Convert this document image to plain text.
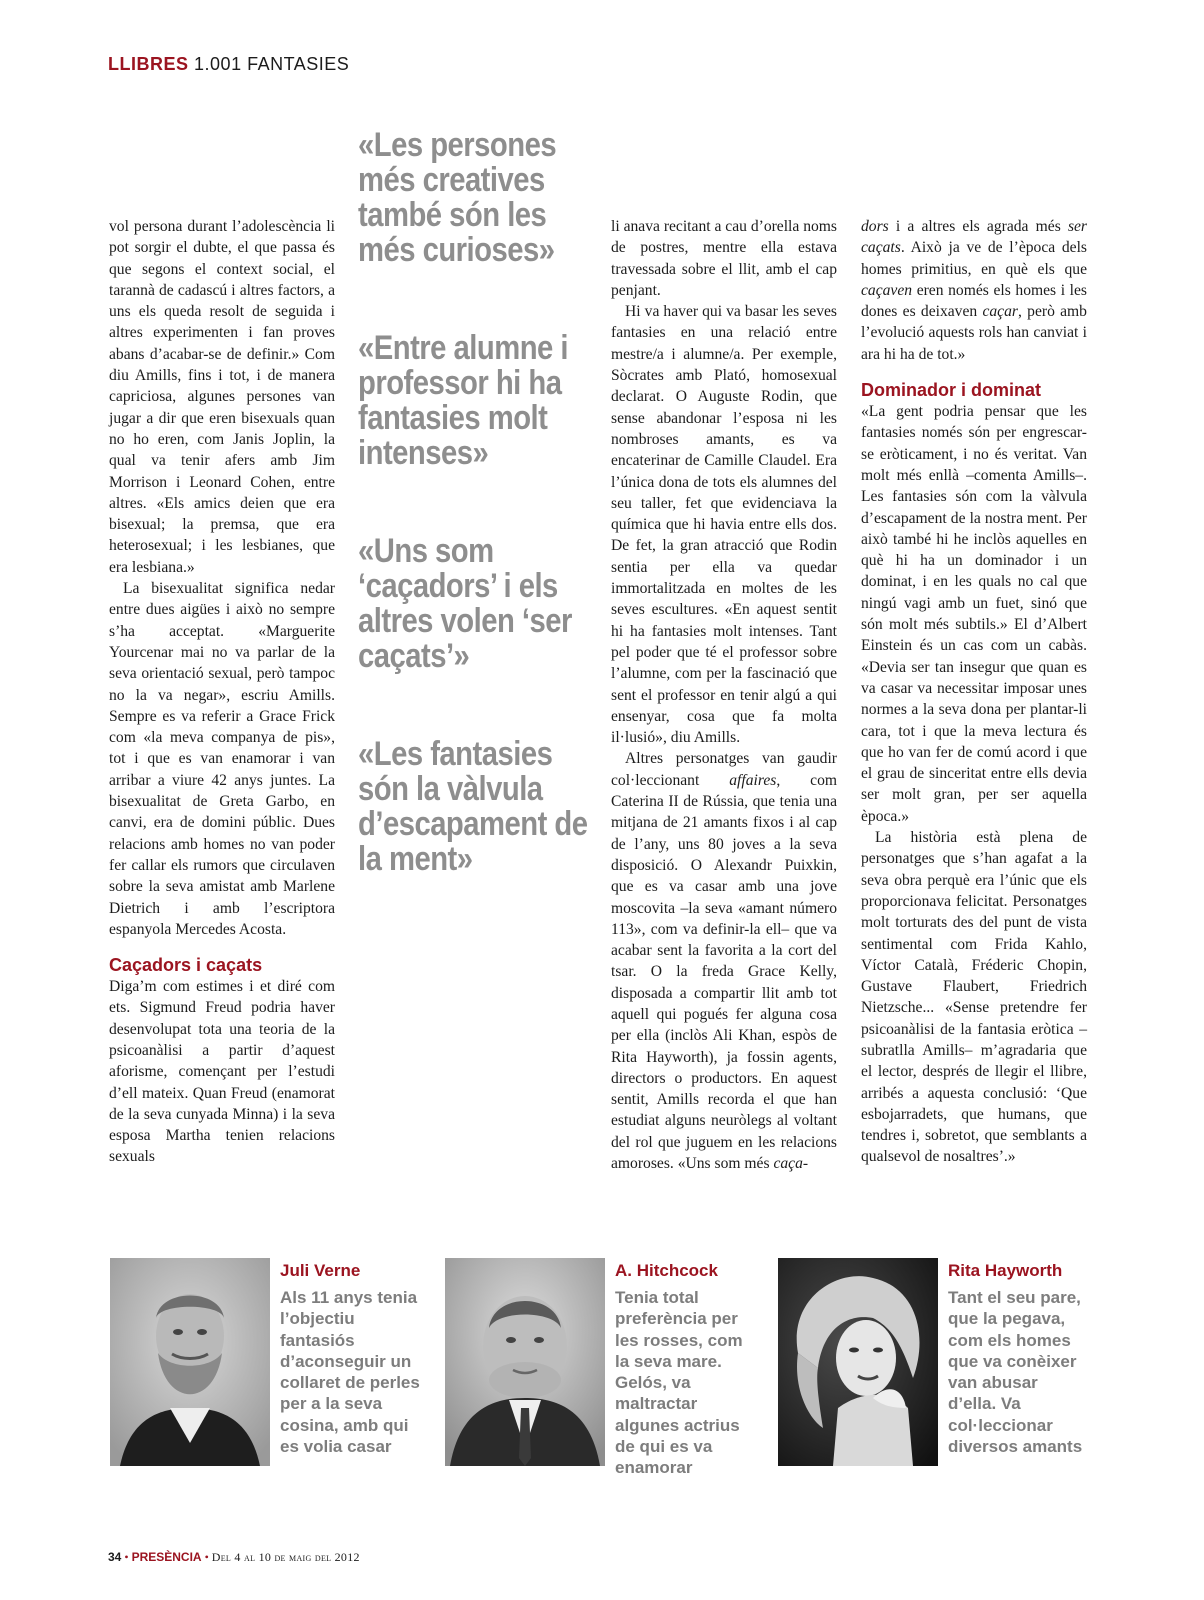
LLIBRES 1.001 FANTASIES

vol persona durant l’adolescència li pot sorgir el dubte, el que passa és que segons el context social, el tarannà de cadascú i altres factors, a uns els queda resolt de seguida i altres experimenten i fan proves abans d’acabar-se de definir.» Com diu Amills, fins i tot, i de manera capriciosa, algunes persones van jugar a dir que eren bisexuals quan no ho eren, com Janis Joplin, la qual va tenir afers amb Jim Morrison i Leonard Cohen, entre altres. «Els amics deien que era bisexual; la premsa, que era heterosexual; i les lesbianes, que era lesbiana.»

La bisexualitat significa nedar entre dues aigües i això no sempre s’ha acceptat. «Marguerite Yourcenar mai no va parlar de la seva orientació sexual, però tampoc no la va negar», escriu Amills. Sempre es va referir a Grace Frick com «la meva companya de pis», tot i que es van enamorar i van arribar a viure 42 anys juntes. La bisexualitat de Greta Garbo, en canvi, era de domini públic. Dues relacions amb homes no van poder fer callar els rumors que circulaven sobre la seva amistat amb Marlene Dietrich i amb l’escriptora espanyola Mercedes Acosta.

Caçadors i caçats

Diga’m com estimes i et diré com ets. Sigmund Freud podria haver desenvolupat tota una teoria de la psicoanàlisi a partir d’aquest aforisme, començant per l’estudi d’ell mateix. Quan Freud (enamorat de la seva cunyada Minna) i la seva esposa Martha tenien relacions sexuals

«Les persones més creatives també són les més curioses»

«Entre alumne i professor hi ha fantasies molt intenses»

«Uns som ‘caçadors’ i els altres volen ‘ser caçats’»

«Les fantasies són la vàlvula d’escapament de la ment»

li anava recitant a cau d’orella noms de postres, mentre ella estava travessada sobre el llit, amb el cap penjant.

Hi va haver qui va basar les seves fantasies en una relació entre mestre/a i alumne/a. Per exemple, Sòcrates amb Plató, homosexual declarat. O Auguste Rodin, que sense abandonar l’esposa ni les nombroses amants, es va encaterinar de Camille Claudel. Era l’única dona de tots els alumnes del seu taller, fet que evidenciava la química que hi havia entre ells dos. De fet, la gran atracció que Rodin sentia per ella va quedar immortalitzada en moltes de les seves escultures. «En aquest sentit hi ha fantasies molt intenses. Tant pel poder que té el professor sobre l’alumne, com per la fascinació que sent el professor en tenir algú a qui ensenyar, cosa que fa molta il·lusió», diu Amills.

Altres personatges van gaudir col·leccionant affaires, com Caterina II de Rússia, que tenia una mitjana de 21 amants fixos i al cap de l’any, uns 80 joves a la seva disposició. O Alexandr Puixkin, que es va casar amb una jove moscovita –la seva «amant número 113», com va definir-la ell– que va acabar sent la favorita a la cort del tsar. O la freda Grace Kelly, disposada a compartir llit amb tot aquell qui pogués fer alguna cosa per ella (inclòs Ali Khan, espòs de Rita Hayworth), ja fossin agents, directors o productors. En aquest sentit, Amills recorda el que han estudiat alguns neuròlegs al voltant del rol que juguem en les relacions amoroses. «Uns som més caça-

dors i a altres els agrada més ser caçats. Això ja ve de l’època dels homes primitius, en què els que caçaven eren només els homes i les dones es deixaven caçar, però amb l’evolució aquests rols han canviat i ara hi ha de tot.»

Dominador i dominat

«La gent podria pensar que les fantasies només són per engrescar-se eròticament, i no és veritat. Van molt més enllà –comenta Amills–. Les fantasies són com la vàlvula d’escapament de la nostra ment. Per això també hi he inclòs aquelles en què hi ha un dominador i un dominat, i en les quals no cal que ningú vagi amb un fuet, sinó que són molt més subtils.» El d’Albert Einstein és un cas com un cabàs. «Devia ser tan insegur que quan es va casar va necessitar imposar unes normes a la seva dona per plantar-li cara, tot i que la meva lectura és que ho van fer de comú acord i que el grau de sinceritat entre ells devia ser molt gran, per ser aquella època.»

La història està plena de personatges que s’han agafat a la seva obra perquè era l’únic que els proporcionava felicitat. Personatges molt torturats des del punt de vista sentimental com Frida Kahlo, Víctor Català, Fréderic Chopin, Gustave Flaubert, Friedrich Nietzsche... «Sense pretendre fer psicoanàlisi de la fantasia eròtica –subratlla Amills– m’agradaria que el lector, després de llegir el llibre, arribés a aquesta conclusió: ‘Que esbojarradets, que humans, que tendres i, sobretot, que semblants a qualsevol de nosaltres’.»

Juli Verne
Als 11 anys tenia l’objectiu fantasiós d’aconseguir un collaret de perles per a la seva cosina, amb qui es volia casar
A. Hitchcock
Tenia total preferència per les rosses, com la seva mare. Gelós, va maltractar algunes actrius de qui es va enamorar
Rita Hayworth
Tant el seu pare, que la pegava, com els homes que va conèixer van abusar d’ella. Va col·leccionar diversos amants
34 • PRESÈNCIA • Del 4 al 10 de maig del 2012
